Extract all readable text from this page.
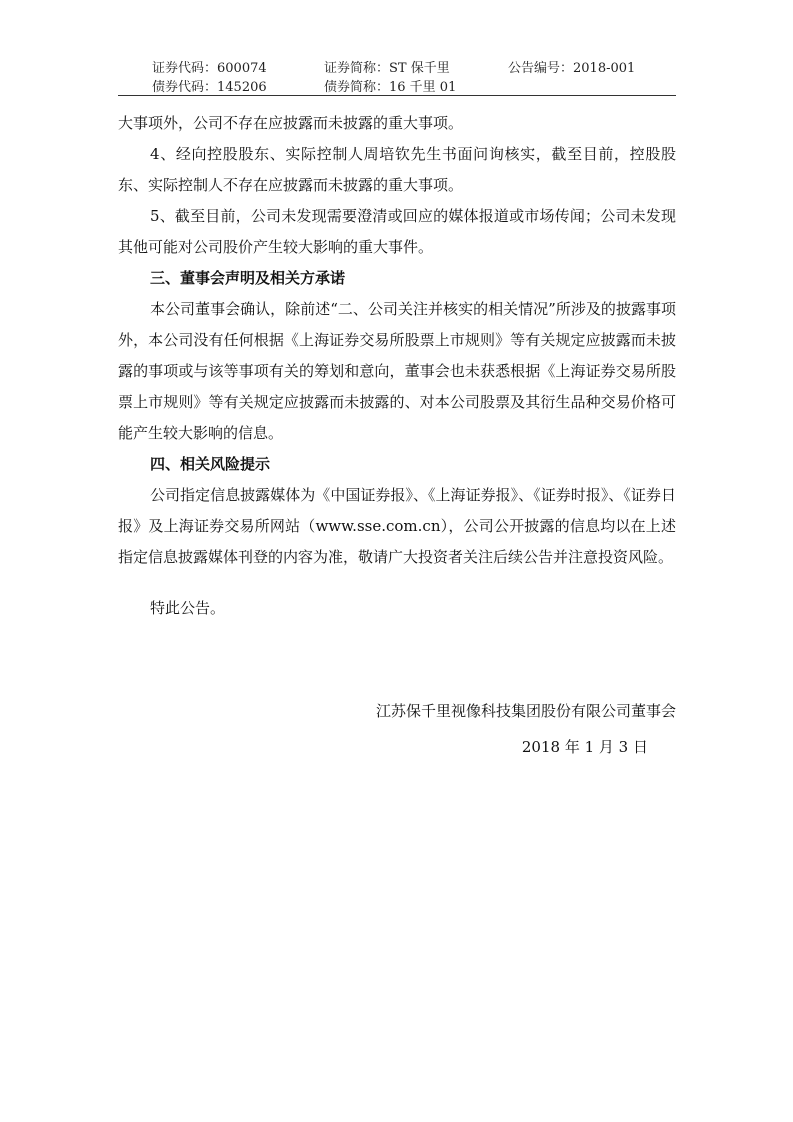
证券代码：600074	证券简称：ST 保千里	公告编号：2018-001
债券代码：145206	债券简称：16 千里 01

大事项外，公司不存在应披露而未披露的重大事项。

4、经向控股股东、实际控制人周培钦先生书面问询核实，截至目前，控股股东、实际控制人不存在应披露而未披露的重大事项。

5、截至目前，公司未发现需要澄清或回应的媒体报道或市场传闻；公司未发现其他可能对公司股价产生较大影响的重大事件。

三、董事会声明及相关方承诺

本公司董事会确认，除前述“二、公司关注并核实的相关情况”所涉及的披露事项外，本公司没有任何根据《上海证券交易所股票上市规则》等有关规定应披露而未披露的事项或与该等事项有关的筹划和意向，董事会也未获悉根据《上海证券交易所股票上市规则》等有关规定应披露而未披露的、对本公司股票及其衍生品种交易价格可能产生较大影响的信息。

四、相关风险提示

公司指定信息披露媒体为《中国证券报》、《上海证券报》、《证券时报》、《证券日报》及上海证券交易所网站（www.sse.com.cn），公司公开披露的信息均以在上述指定信息披露媒体刊登的内容为准，敬请广大投资者关注后续公告并注意投资风险。

特此公告。

江苏保千里视像科技集团股份有限公司董事会
2018 年 1 月 3 日
